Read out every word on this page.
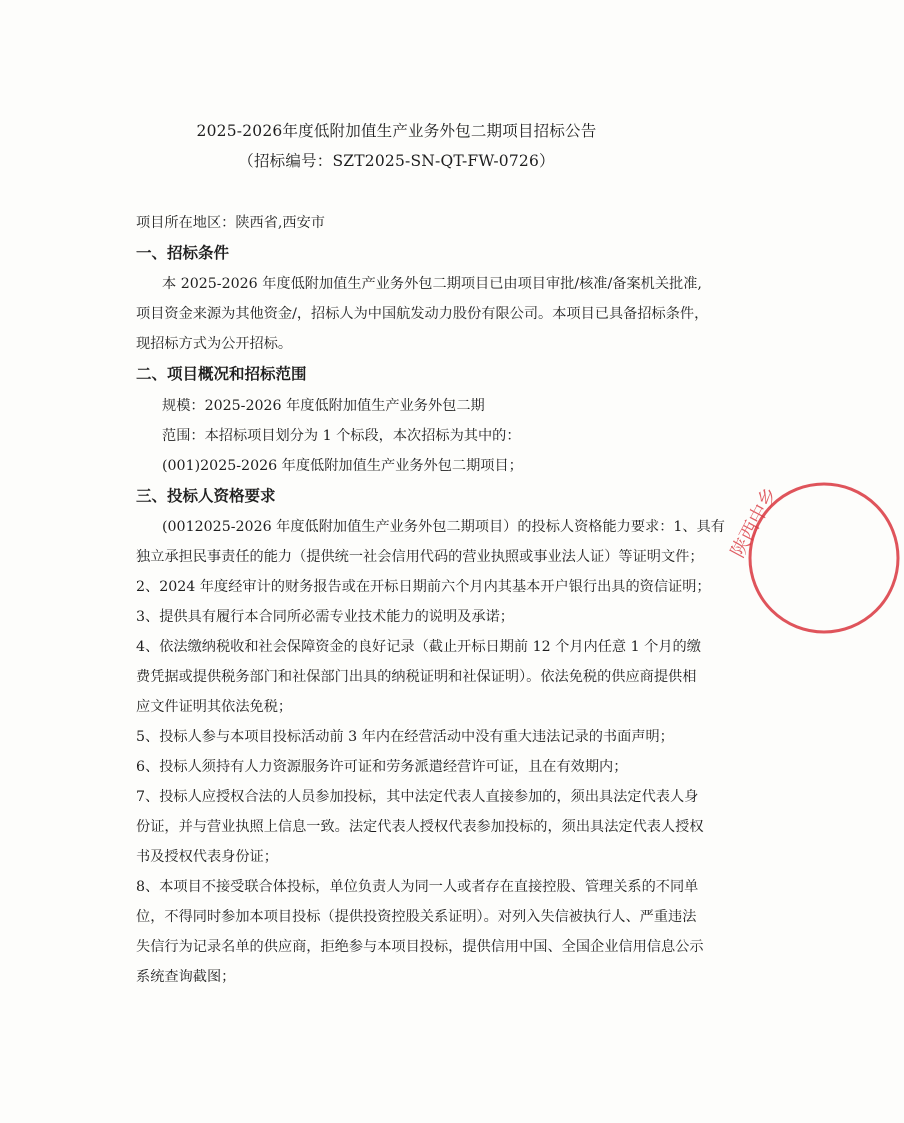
2025-2026年度低附加值生产业务外包二期项目招标公告
（招标编号：SZT2025-SN-QT-FW-0726）
项目所在地区：陕西省,西安市
一、招标条件
本 2025-2026 年度低附加值生产业务外包二期项目已由项目审批/核准/备案机关批准,
项目资金来源为其他资金/，招标人为中国航发动力股份有限公司。本项目已具备招标条件，
现招标方式为公开招标。
二、项目概况和招标范围
规模：2025-2026 年度低附加值生产业务外包二期
范围：本招标项目划分为 1 个标段，本次招标为其中的：
(001)2025-2026 年度低附加值生产业务外包二期项目；
三、投标人资格要求
(0012025-2026 年度低附加值生产业务外包二期项目）的投标人资格能力要求：1、具有
独立承担民事责任的能力（提供统一社会信用代码的营业执照或事业法人证）等证明文件；
2、2024 年度经审计的财务报告或在开标日期前六个月内其基本开户银行出具的资信证明；
3、提供具有履行本合同所必需专业技术能力的说明及承诺；
4、依法缴纳税收和社会保障资金的良好记录（截止开标日期前 12 个月内任意 1 个月的缴
费凭据或提供税务部门和社保部门出具的纳税证明和社保证明）。依法免税的供应商提供相
应文件证明其依法免税；
5、投标人参与本项目投标活动前 3 年内在经营活动中没有重大违法记录的书面声明；
6、投标人须持有人力资源服务许可证和劳务派遣经营许可证，且在有效期内；
7、投标人应授权合法的人员参加投标，其中法定代表人直接参加的，须出具法定代表人身
份证，并与营业执照上信息一致。法定代表人授权代表参加投标的，须出具法定代表人授权
书及授权代表身份证；
8、本项目不接受联合体投标，单位负责人为同一人或者存在直接控股、管理关系的不同单
位，不得同时参加本项目投标（提供投资控股关系证明）。对列入失信被执行人、严重违法
失信行为记录名单的供应商，拒绝参与本项目投标，提供信用中国、全国企业信用信息公示
系统查询截图；
陕西中乡
